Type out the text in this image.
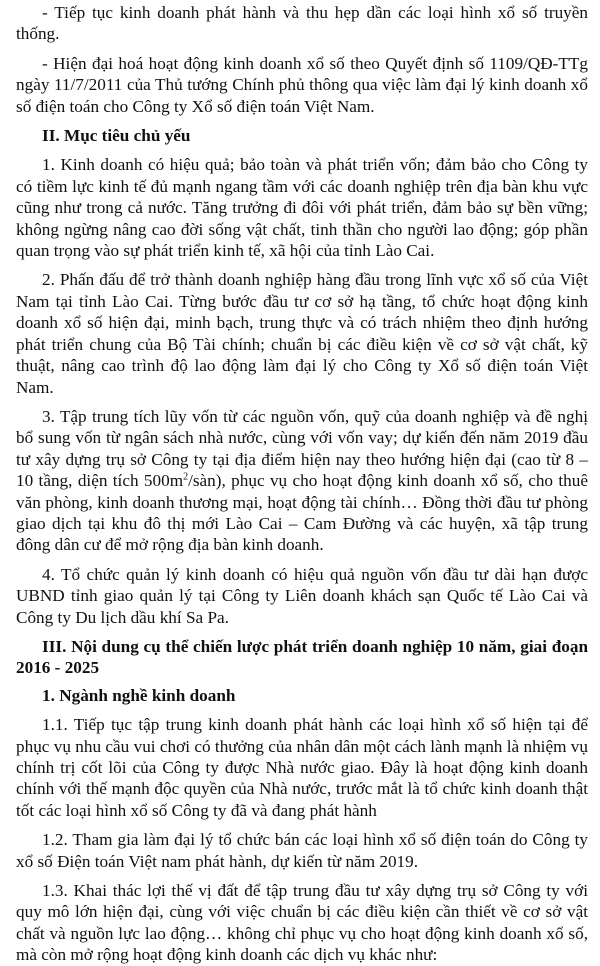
- Tiếp tục kinh doanh phát hành và thu hẹp dần các loại hình xổ số truyền thống.

- Hiện đại hoá hoạt động kinh doanh xổ số theo Quyết định số 1109/QĐ-TTg ngày 11/7/2011 của Thủ tướng Chính phủ thông qua việc làm đại lý kinh doanh xổ số điện toán cho Công ty Xổ số điện toán Việt Nam.

II. Mục tiêu chủ yếu

1. Kinh doanh có hiệu quả; bảo toàn và phát triển vốn; đảm bảo cho Công ty có tiềm lực kinh tế đủ mạnh ngang tầm với các doanh nghiệp trên địa bàn khu vực cũng như trong cả nước. Tăng trưởng đi đôi với phát triển, đảm bảo sự bền vững; không ngừng nâng cao đời sống vật chất, tinh thần cho người lao động; góp phần quan trọng vào sự phát triển kinh tế, xã hội của tỉnh Lào Cai.

2. Phấn đấu để trở thành doanh nghiệp hàng đầu trong lĩnh vực xổ số của Việt Nam tại tỉnh Lào Cai. Từng bước đầu tư cơ sở hạ tầng, tổ chức hoạt động kinh doanh xổ số hiện đại, minh bạch, trung thực và có trách nhiệm theo định hướng phát triển chung của Bộ Tài chính; chuẩn bị các điều kiện về cơ sở vật chất, kỹ thuật, nâng cao trình độ lao động làm đại lý cho Công ty Xổ số điện toán Việt Nam.

3. Tập trung tích lũy vốn từ các nguồn vốn, quỹ của doanh nghiệp và đề nghị bổ sung vốn từ ngân sách nhà nước, cùng với vốn vay; dự kiến đến năm 2019 đầu tư xây dựng trụ sở Công ty tại địa điểm hiện nay theo hướng hiện đại (cao từ 8 – 10 tầng, diện tích $500m^2/sàn$), phục vụ cho hoạt động kinh doanh xổ số, cho thuê văn phòng, kinh doanh thương mại, hoạt động tài chính… Đồng thời đầu tư phòng giao dịch tại khu đô thị mới Lào Cai – Cam Đường và các huyện, xã tập trung đông dân cư để mở rộng địa bàn kinh doanh.

4. Tổ chức quản lý kinh doanh có hiệu quả nguồn vốn đầu tư dài hạn được UBND tỉnh giao quản lý tại Công ty Liên doanh khách sạn Quốc tế Lào Cai và Công ty Du lịch dầu khí Sa Pa.

III. Nội dung cụ thể chiến lược phát triển doanh nghiệp 10 năm, giai đoạn 2016 - 2025

1. Ngành nghề kinh doanh

1.1. Tiếp tục tập trung kinh doanh phát hành các loại hình xổ số hiện tại để phục vụ nhu cầu vui chơi có thưởng của nhân dân một cách lành mạnh là nhiệm vụ chính trị cốt lõi của Công ty được Nhà nước giao. Đây là hoạt động kinh doanh chính với thế mạnh độc quyền của Nhà nước, trước mắt là tổ chức kinh doanh thật tốt các loại hình xổ số Công ty đã và đang phát hành

1.2. Tham gia làm đại lý tổ chức bán các loại hình xổ số điện toán do Công ty xổ số Điện toán Việt nam phát hành, dự kiến từ năm 2019.

1.3. Khai thác lợi thế vị đất để tập trung đầu tư xây dựng trụ sở Công ty với quy mô lớn hiện đại, cùng với việc chuẩn bị các điều kiện cần thiết về cơ sở vật chất và nguồn lực lao động… không chỉ phục vụ cho hoạt động kinh doanh xổ số, mà còn mở rộng hoạt động kinh doanh các dịch vụ khác như:
